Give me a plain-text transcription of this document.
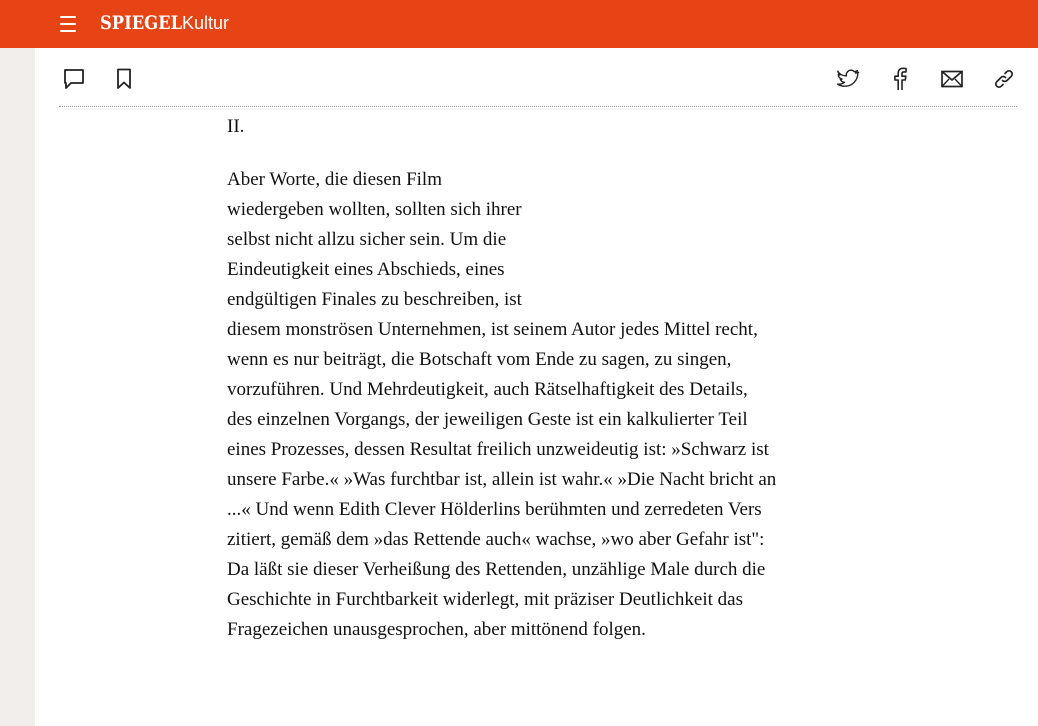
SPIEGEL Kultur
II.

Aber Worte, die diesen Film
wiedergeben wollten, sollten sich ihrer
selbst nicht allzu sicher sein. Um die
Eindeutigkeit eines Abschieds, eines
endgültigen Finales zu beschreiben, ist
diesem monströsen Unternehmen, ist seinem Autor jedes Mittel recht,
wenn es nur beiträgt, die Botschaft vom Ende zu sagen, zu singen,
vorzuführen. Und Mehrdeutigkeit, auch Rätselhaftigkeit des Details,
des einzelnen Vorgangs, der jeweiligen Geste ist ein kalkulierter Teil
eines Prozesses, dessen Resultat freilich unzweideutig ist: »Schwarz ist
unsere Farbe.« »Was furchtbar ist, allein ist wahr.« »Die Nacht bricht an
...« Und wenn Edith Clever Hölderlins berühmten und zerredeten Vers
zitiert, gemäß dem »das Rettende auch« wachse, »wo aber Gefahr ist":
Da läßt sie dieser Verheißung des Rettenden, unzählige Male durch die
Geschichte in Furchtbarkeit widerlegt, mit präziser Deutlichkeit das
Fragezeichen unausgesprochen, aber mittönend folgen.
